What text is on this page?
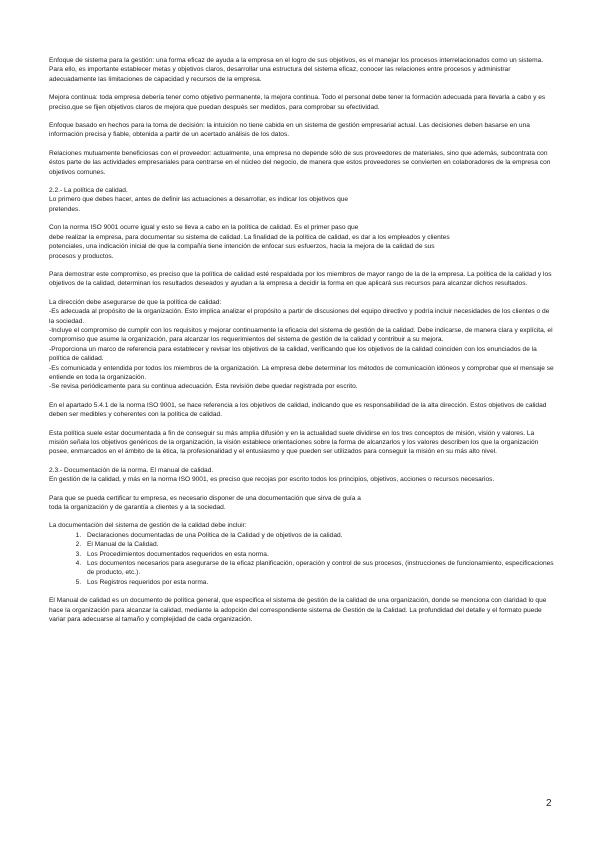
Enfoque de sistema para la gestión: una forma eficaz de ayuda a la empresa en el logro de sus objetivos, es el manejar los procesos interrelacionados como un sistema. Para ello, es importante establecer metas y objetivos claros, desarrollar una estructura del sistema eficaz, conocer las relaciones entre procesos y administrar adecuadamente las limitaciones de capacidad y recursos de la empresa.

Mejora continua: toda empresa debería tener como objetivo permanente, la mejora continua. Todo el personal debe tener la formación adecuada para llevarla a cabo y es preciso,que se fijen objetivos claros de mejora que puedan después ser medidos, para comprobar su efectividad.

Enfoque basado en hechos para la toma de decisión: la intuición no tiene cabida en un sistema de gestión empresarial actual. Las decisiones deben basarse en una información precisa y fiable, obtenida a partir de un acertado análisis de los datos.

Relaciones mutuamente beneficiosas con el proveedor: actualmente, una empresa no depende sólo de sus proveedores de materiales, sino que además, subcontrata con éstos parte de las actividades empresariales para centrarse en el núcleo del negocio, de manera que estos proveedores se convierten en colaboradores de la empresa con objetivos comunes.

2.2.- La política de calidad.
Lo primero que debes hacer, antes de definir las actuaciones a desarrollar, es indicar los objetivos que
pretendes.
Con la norma ISO 9001 ocurre igual y esto se lleva a cabo en la política de calidad. Es el primer paso que
debe realizar la empresa, para documentar su sistema de calidad. La finalidad de la política de calidad, es dar a los empleados y clientes
potenciales, una indicación inicial de que la compañía tiene intención de enfocar sus esfuerzos, hacia la mejora de la calidad de sus
procesos y productos.

Para demostrar este compromiso, es preciso que la política de calidad esté respaldada por los miembros de mayor rango de la de la empresa. La política de la calidad y los objetivos de la calidad, determinan los resultados deseados y ayudan a la empresa a decidir la forma en que aplicará sus recursos para alcanzar dichos resultados.

La dirección debe asegurarse de que la política de calidad:
-Es adecuada al propósito de la organización. Esto implica analizar el propósito a partir de discusiones del equipo directivo y podría incluir necesidades de los clientes o de la sociedad.
-Incluye el compromiso de cumplir con los requisitos y mejorar continuamente la eficacia del sistema de gestión de la calidad. Debe indicarse, de manera clara y explícita, el compromiso que asume la organización, para alcanzar los requerimientos del sistema de gestión de la calidad y contribuir a su mejora.
-Proporciona un marco de referencia para establecer y revisar los objetivos de la calidad, verificando que los objetivos de la calidad coinciden con los enunciados de la política de calidad.
-Es comunicada y entendida por todos los miembros de la organización. La empresa debe determinar los métodos de comunicación idóneos y comprobar que el mensaje se entiende en toda la organización.
-Se revisa periódicamente para su continua adecuación. Esta revisión debe quedar registrada por escrito.

En el apartado 5.4.1 de la norma ISO 9001, se hace referencia a los objetivos de calidad, indicando que es responsabilidad de la alta dirección. Estos objetivos de calidad deben ser medibles y coherentes con la política de calidad.

Esta política suele estar documentada a fin de conseguir su más amplia difusión y en la actualidad suele dividirse en los tres conceptos de misión, visión y valores. La misión señala los objetivos genéricos de la organización, la visión establece orientaciones sobre la forma de alcanzarlos y los valores describen los que la organización posee, enmarcados en el ámbito de la ética, la profesionalidad y el entusiasmo y que pueden ser utilizados para conseguir la misión en su más alto nivel.

2.3.- Documentación de la norma. El manual de calidad.
En gestión de la calidad, y más en la norma ISO 9001, es preciso que recojas por escrito todos los principios, objetivos, acciones o recursos necesarios.
Para que se pueda certificar tu empresa, es necesario disponer de una documentación que sirva de guía a
toda la organización y de garantía a clientes y a la sociedad.
La documentación del sistema de gestión de la calidad debe incluir:
1. Declaraciones documentadas de una Política de la Calidad y de objetivos de la calidad.
2. El Manual de la Calidad.
3. Los Procedimientos documentados requeridos en esta norma.
4. Los documentos necesarios para asegurarse de la eficaz planificación, operación y control de sus procesos, (instrucciones de funcionamiento, especificaciones de producto, etc.).
5. Los Registros requeridos por esta norma.

El Manual de calidad es un documento de política general, que especifica el sistema de gestión de la calidad de una organización, donde se menciona con claridad lo que hace la organización para alcanzar la calidad, mediante la adopción del correspondiente sistema de Gestión de la Calidad. La profundidad del detalle y el formato puede variar para adecuarse al tamaño y complejidad de cada organización.

2
